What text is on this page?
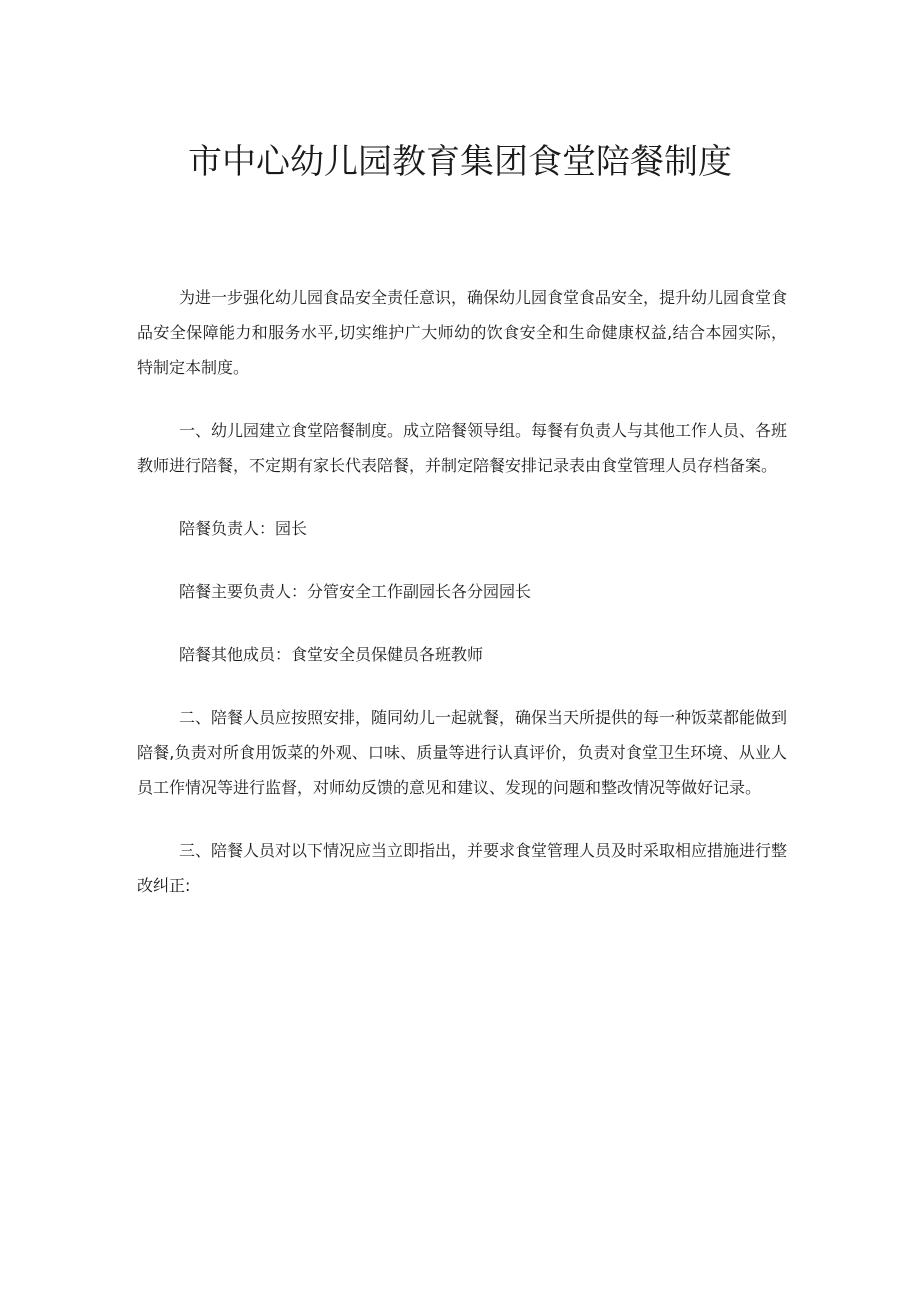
市中心幼儿园教育集团食堂陪餐制度

为进一步强化幼儿园食品安全责任意识，确保幼儿园食堂食品安全，提升幼儿园食堂食品安全保障能力和服务水平,切实维护广大师幼的饮食安全和生命健康权益,结合本园实际，特制定本制度。

一、幼儿园建立食堂陪餐制度。成立陪餐领导组。每餐有负责人与其他工作人员、各班教师进行陪餐，不定期有家长代表陪餐，并制定陪餐安排记录表由食堂管理人员存档备案。

陪餐负责人：园长

陪餐主要负责人：分管安全工作副园长各分园园长

陪餐其他成员：食堂安全员保健员各班教师

二、陪餐人员应按照安排，随同幼儿一起就餐，确保当天所提供的每一种饭菜都能做到陪餐,负责对所食用饭菜的外观、口味、质量等进行认真评价，负责对食堂卫生环境、从业人员工作情况等进行监督，对师幼反馈的意见和建议、发现的问题和整改情况等做好记录。

三、陪餐人员对以下情况应当立即指出，并要求食堂管理人员及时采取相应措施进行整改纠正:
